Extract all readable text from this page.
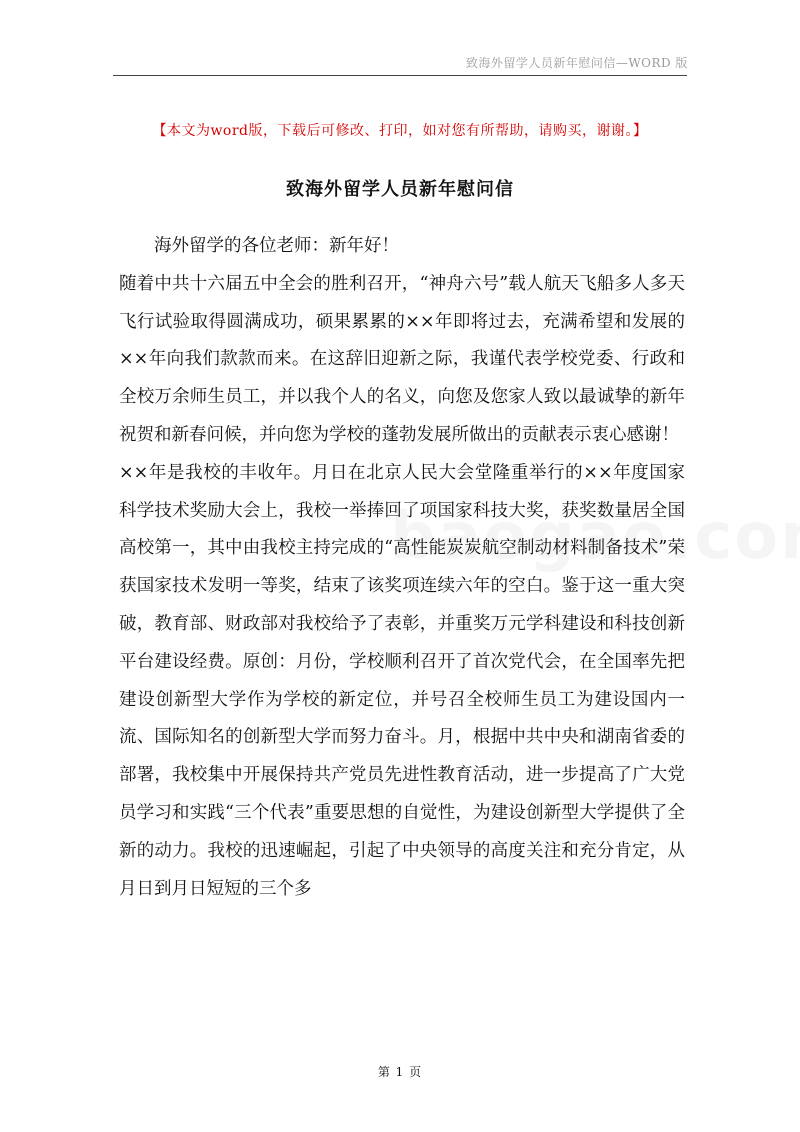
致海外留学人员新年慰问信—WORD 版
【本文为word版，下载后可修改、打印，如对您有所帮助，请购买，谢谢。】
致海外留学人员新年慰问信

海外留学的各位老师：新年好！

随着中共十六届五中全会的胜利召开，“神舟六号”载人航天飞船多人多天飞行试验取得圆满成功，硕果累累的××年即将过去，充满希望和发展的××年向我们款款而来。在这辞旧迎新之际，我谨代表学校党委、行政和全校万余师生员工，并以我个人的名义，向您及您家人致以最诚挚的新年祝贺和新春问候，并向您为学校的蓬勃发展所做出的贡献表示衷心感谢！

××年是我校的丰收年。月日在北京人民大会堂隆重举行的××年度国家科学技术奖励大会上，我校一举捧回了项国家科技大奖，获奖数量居全国高校第一，其中由我校主持完成的“高性能炭炭航空制动材料制备技术”荣获国家技术发明一等奖，结束了该奖项连续六年的空白。鉴于这一重大突破，教育部、财政部对我校给予了表彰，并重奖万元学科建设和科技创新平台建设经费。原创：月份，学校顺利召开了首次党代会，在全国率先把建设创新型大学作为学校的新定位，并号召全校师生员工为建设国内一流、国际知名的创新型大学而努力奋斗。月，根据中共中央和湖南省委的部署，我校集中开展保持共产党员先进性教育活动，进一步提高了广大党员学习和实践“三个代表”重要思想的自觉性，为建设创新型大学提供了全新的动力。我校的迅速崛起，引起了中央领导的高度关注和充分肯定，从月日到月日短短的三个多

第 1 页
